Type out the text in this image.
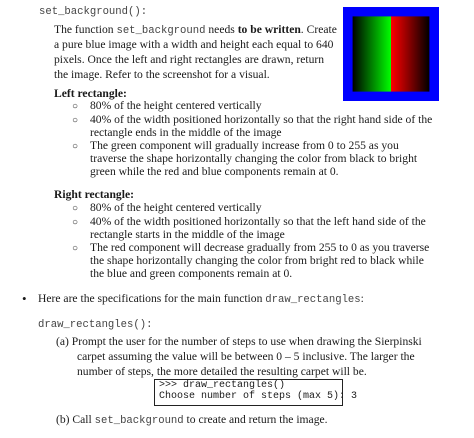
set_background():
The function set_background needs to be written. Create
a pure blue image with a width and height each equal to 640
pixels. Once the left and right rectangles are drawn, return
the image. Refer to the screenshot for a visual.
Left rectangle:
○ 80% of the height centered vertically
○ 40% of the width positioned horizontally so that the right hand side of the
rectangle ends in the middle of the image
○ The green component will gradually increase from 0 to 255 as you
traverse the shape horizontally changing the color from black to bright
green while the red and blue components remain at 0.
Right rectangle:
○ 80% of the height centered vertically
○ 40% of the width positioned horizontally so that the left hand side of the
rectangle starts in the middle of the image
○ The red component will decrease gradually from 255 to 0 as you traverse
the shape horizontally changing the color from bright red to black while
the blue and green components remain at 0.
• Here are the specifications for the main function draw_rectangles:
draw_rectangles():
(a) Prompt the user for the number of steps to use when drawing the Sierpinski
carpet assuming the value will be between 0 – 5 inclusive. The larger the
number of steps, the more detailed the resulting carpet will be.
>>> draw_rectangles()
Choose number of steps (max 5): 3
(b) Call set_background to create and return the image.
